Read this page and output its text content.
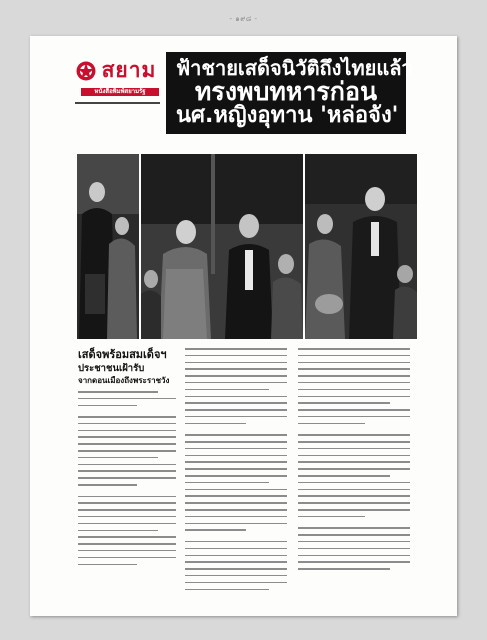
- ๑๙๘ -
สยาม
หนังสือพิมพ์สยามรัฐ
ฟ้าชายเสด็จนิวัติถึงไทยแล้ว
ทรงพบทหารก่อน
นศ.หญิงอุทาน 'หล่อจัง'
เสด็จพร้อมสมเด็จฯ
ประชาชนเฝ้ารับ
จากดอนเมืองถึงพระราชวัง
